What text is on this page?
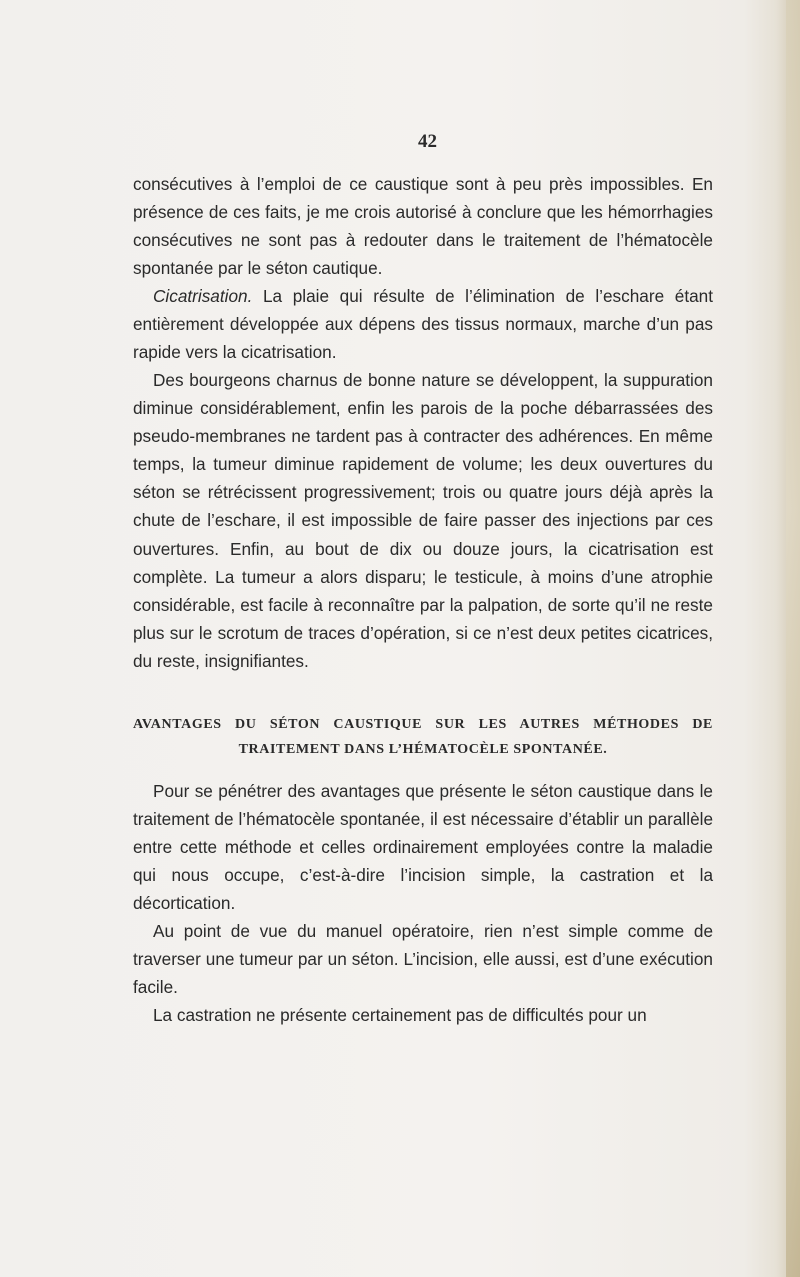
42

consécutives à l’emploi de ce caustique sont à peu près impossibles. En présence de ces faits, je me crois autorisé à conclure que les hémorrhagies consécutives ne sont pas à redouter dans le traitement de l’hématocèle spontanée par le séton cautique.

Cicatrisation. La plaie qui résulte de l’élimination de l’eschare étant entièrement développée aux dépens des tissus normaux, marche d’un pas rapide vers la cicatrisation.

Des bourgeons charnus de bonne nature se développent, la suppuration diminue considérablement, enfin les parois de la poche débarrassées des pseudo-membranes ne tardent pas à contracter des adhérences. En même temps, la tumeur diminue rapidement de volume; les deux ouvertures du séton se rétrécissent progressivement; trois ou quatre jours déjà après la chute de l’eschare, il est impossible de faire passer des injections par ces ouvertures. Enfin, au bout de dix ou douze jours, la cicatrisation est complète. La tumeur a alors disparu; le testicule, à moins d’une atrophie considérable, est facile à reconnaître par la palpation, de sorte qu’il ne reste plus sur le scrotum de traces d’opération, si ce n’est deux petites cicatrices, du reste, insignifiantes.

AVANTAGES DU SÉTON CAUSTIQUE SUR LES AUTRES MÉTHODES DE TRAITEMENT DANS L’HÉMATOCÈLE SPONTANÉE.

Pour se pénétrer des avantages que présente le séton caustique dans le traitement de l’hématocèle spontanée, il est nécessaire d’établir un parallèle entre cette méthode et celles ordinairement employées contre la maladie qui nous occupe, c’est-à-dire l’incision simple, la castration et la décortication.

Au point de vue du manuel opératoire, rien n’est simple comme de traverser une tumeur par un séton. L’incision, elle aussi, est d’une exécution facile.

La castration ne présente certainement pas de difficultés pour un
